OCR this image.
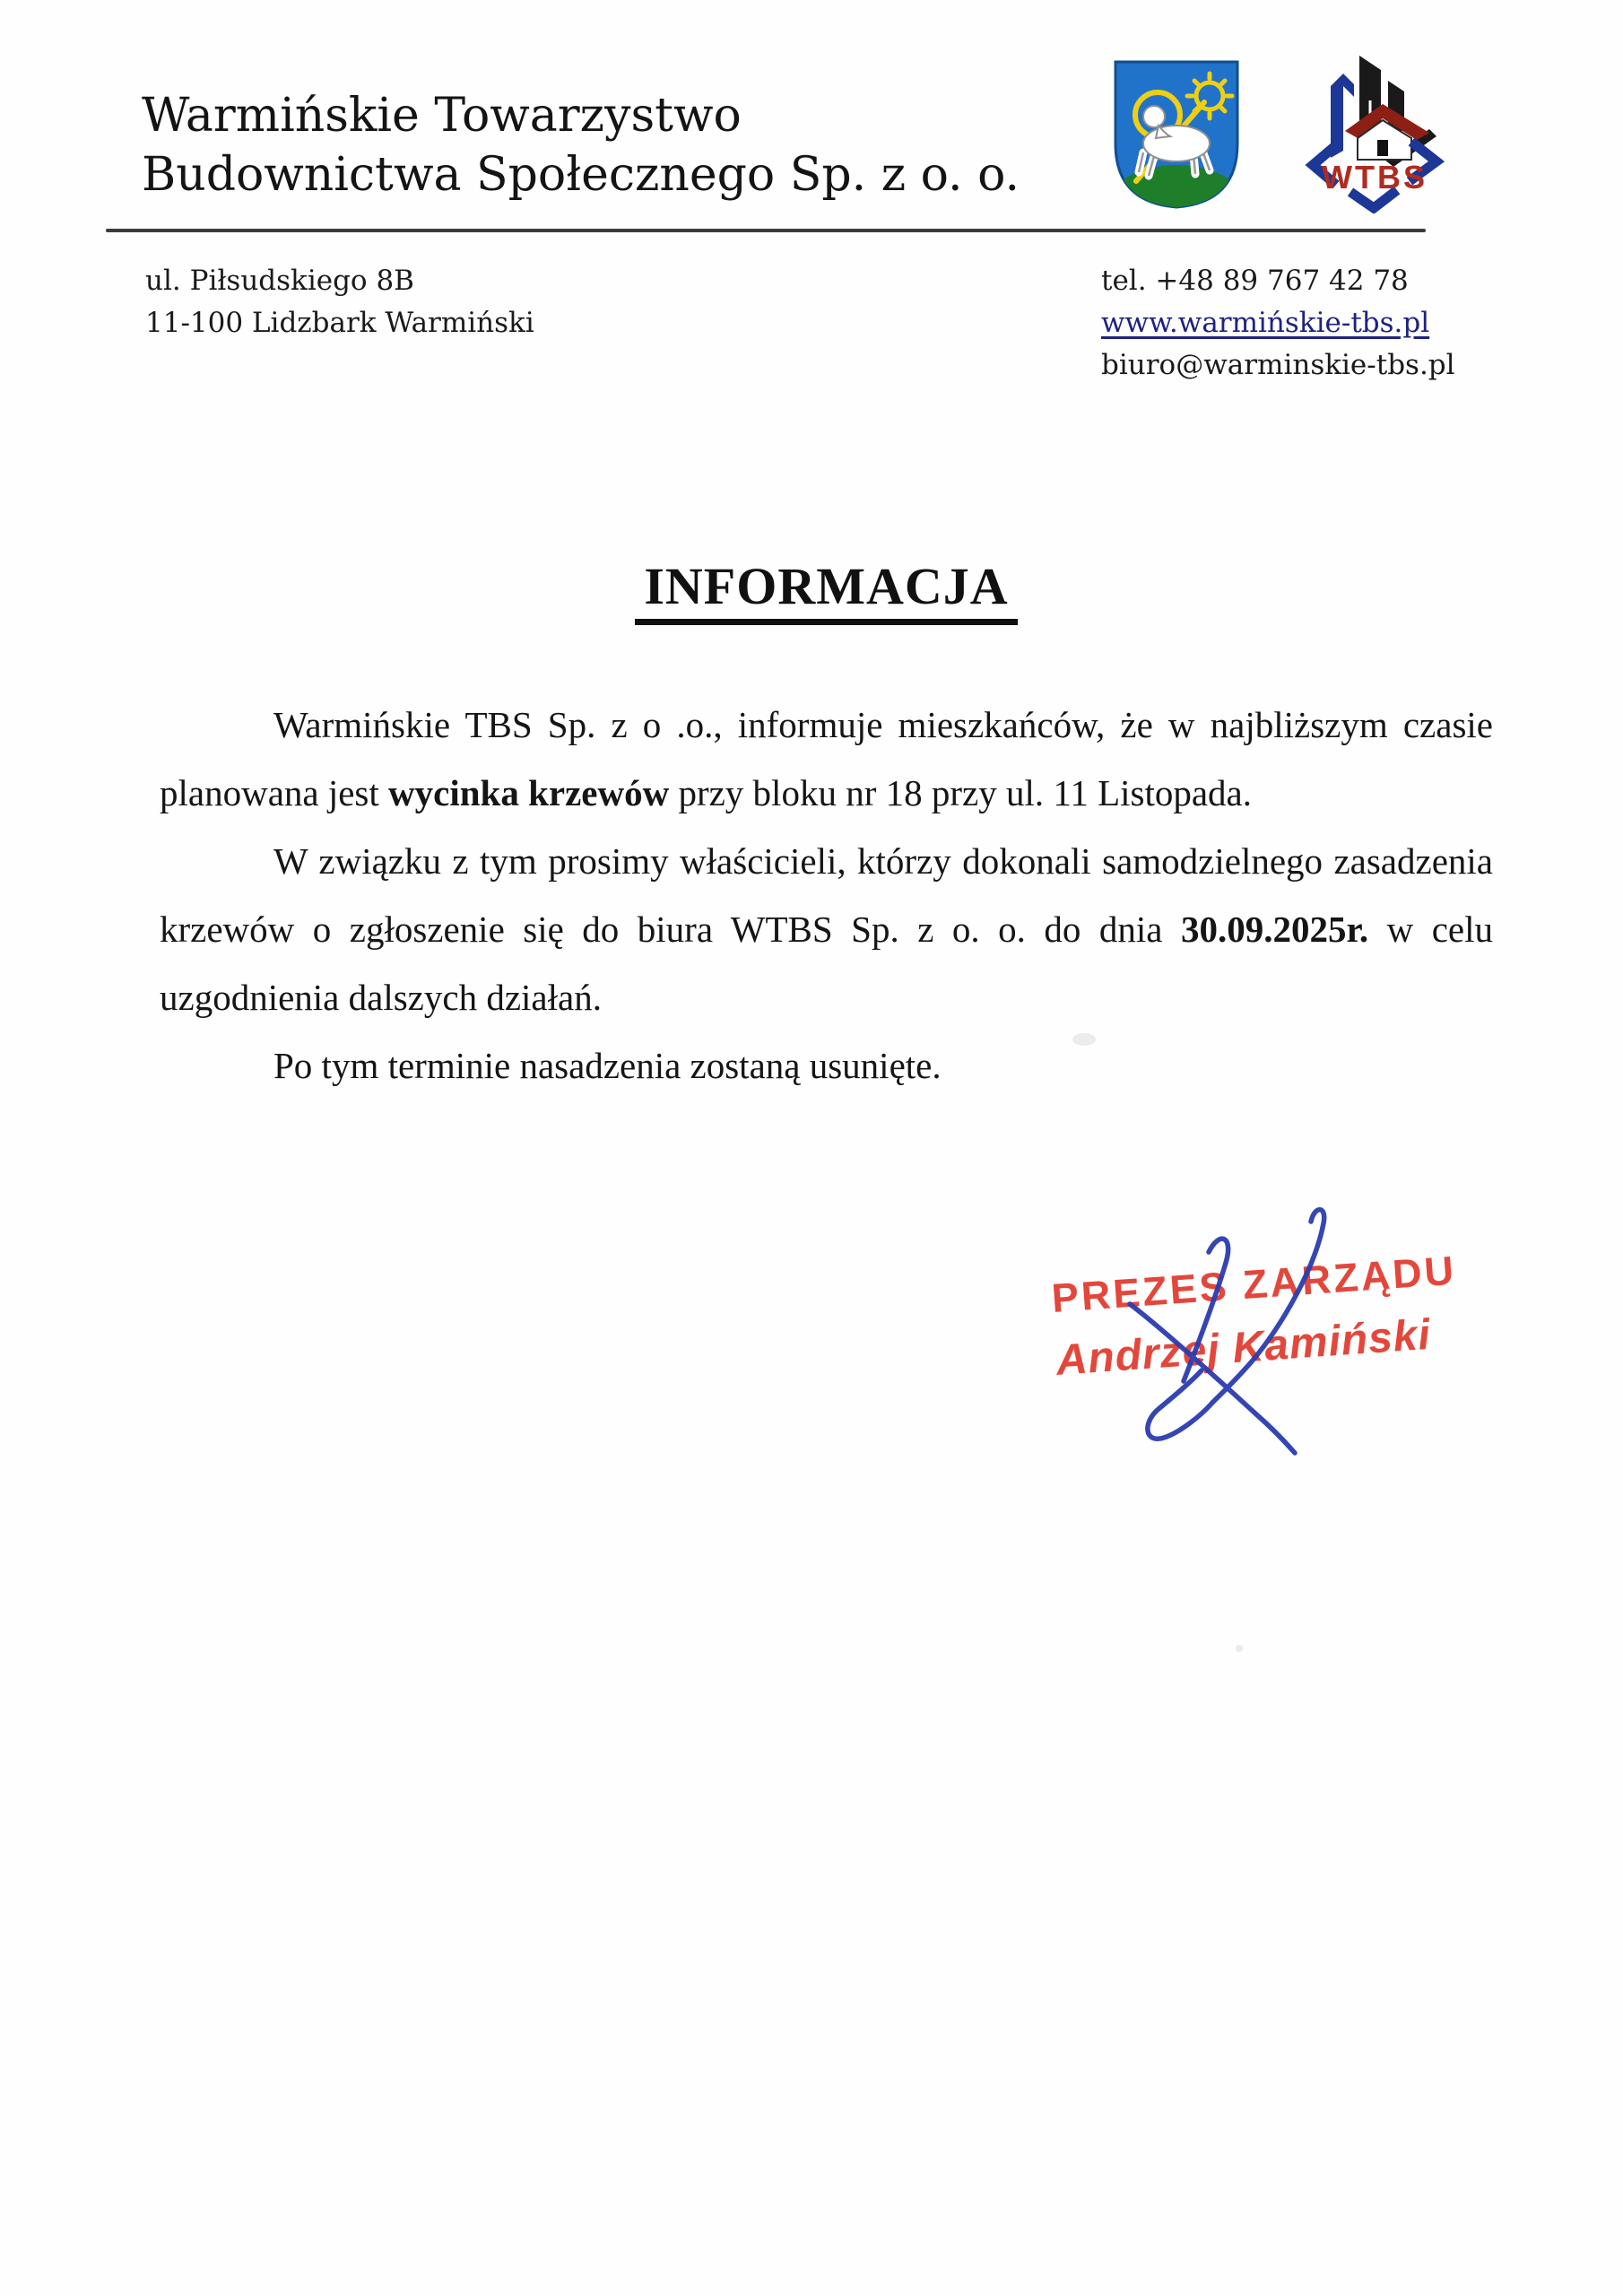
Warmińskie Towarzystwo
Budownictwa Społecznego Sp. z o. o.	WTBS
ul. Piłsudskiego 8B
11-100 Lidzbark Warmiński
tel. +48 89 767 42 78
www.warmińskie-tbs.pl
biuro@warminskie-tbs.pl
INFORMACJA

Warmińskie TBS Sp. z o .o., informuje mieszkańców, że w najbliższym czasie planowana jest wycinka krzewów przy bloku nr 18 przy ul. 11 Listopada.

W związku z tym prosimy właścicieli, którzy dokonali samodzielnego zasadzenia krzewów o zgłoszenie się do biura WTBS Sp. z o. o. do dnia 30.09.2025r. w celu uzgodnienia dalszych działań.

Po tym terminie nasadzenia zostaną usunięte.

PREZES ZARZĄDU
Andrzej Kamiński
